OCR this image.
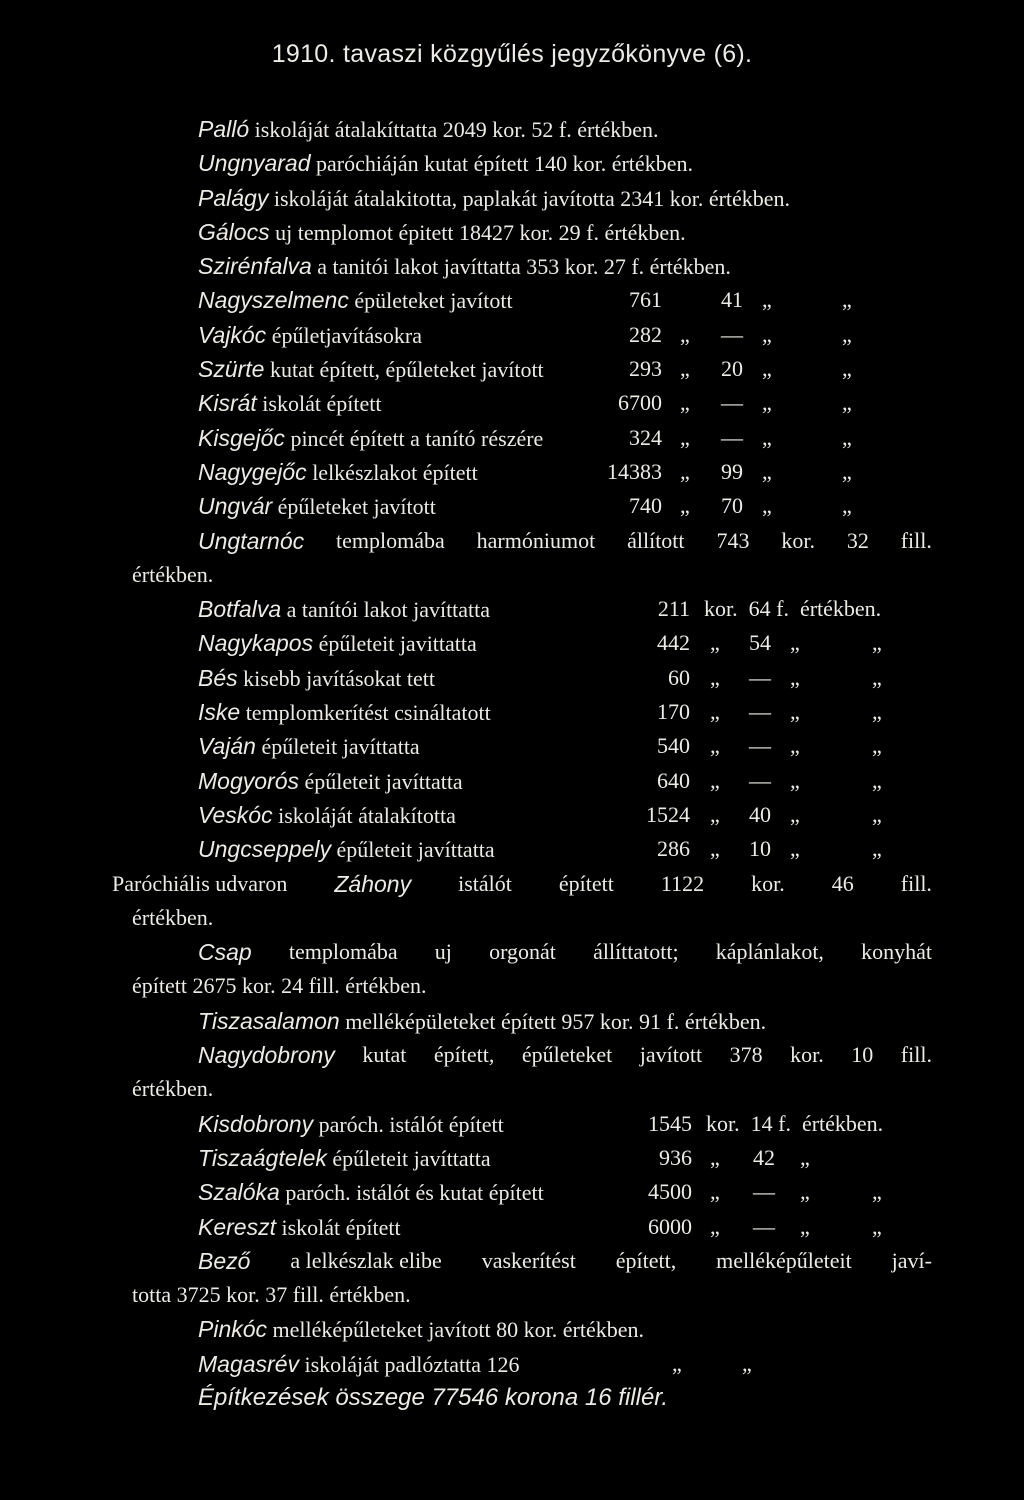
1910. tavaszi közgyűlés jegyzőkönyve (6).
Palló iskoláját átalakíttatta 2049 kor. 52 f. értékben.
Ungnyarad paróchiáján kutat épített 140 kor. értékben.
Palágy iskoláját átalakitotta, paplakát javította 2341 kor. értékben.
Gálocs uj templomot épitett 18427 kor. 29 f. értékben.
Szirénfalva a tanitói lakot javíttatta 353 kor. 27 f. értékben.
Nagyszelmenc épületeket javított	761	41 „	„
Vajkóc épűletjavításokra	282 „	— „	„
Szürte kutat épített, épűleteket javított	293 „	20 „	„
Kisrát iskolát épített	6700 „	— „	„
Kisgejőc pincét épített a tanító részére	324 „	— „	„
Nagygejőc lelkészlakot épített	14383 „	99 „	„
Ungvár épűleteket javított	740 „	70 „	„
Ungtarnóc templomába harmóniumot állított 743 kor. 32 fill.
értékben.
Botfalva a tanítói lakot javíttatta	211 kor.  64 f.  értékben.
Nagykapos épűleteit javittatta	442 „	54 „	„
Bés kisebb javításokat tett	60 „	— „	„
Iske templomkerítést csináltatott	170 „	— „	„
Vaján épűleteit javíttatta	540 „	— „	„
Mogyorós épűleteit javíttatta	640 „	— „	„
Veskóc iskoláját átalakította	1524 „	40 „	„
Ungcseppely épűleteit javíttatta	286 „	10 „	„
Paróchiális udvaron Záhony istálót épített 1122 kor. 46 fill.
értékben.
Csap templomába uj orgonát állíttatott; káplánlakot, konyhát
épített 2675 kor. 24 fill. értékben.
Tiszasalamon melléképületeket épített 957 kor. 91 f. értékben.
Nagydobrony kutat épített, épűleteket javított 378 kor. 10 fill.
értékben.
Kisdobrony paróch. istálót épített	1545 kor.  14 f.  értékben.
Tiszaágtelek épűleteit javíttatta	936 „	42	„
Szalóka paróch. istálót és kutat épített	4500 „	—	„	„
Kereszt iskolát épített	6000 „	—	„	„
Bező a lelkészlak elibe vaskerítést épített, melléképűleteit javí-
totta 3725 kor. 37 fill. értékben.
Pinkóc melléképűleteket javított 80 kor. értékben.
Magasrév iskoláját padlóztatta 126	„	„
Építkezések összege 77546 korona 16 fillér.
